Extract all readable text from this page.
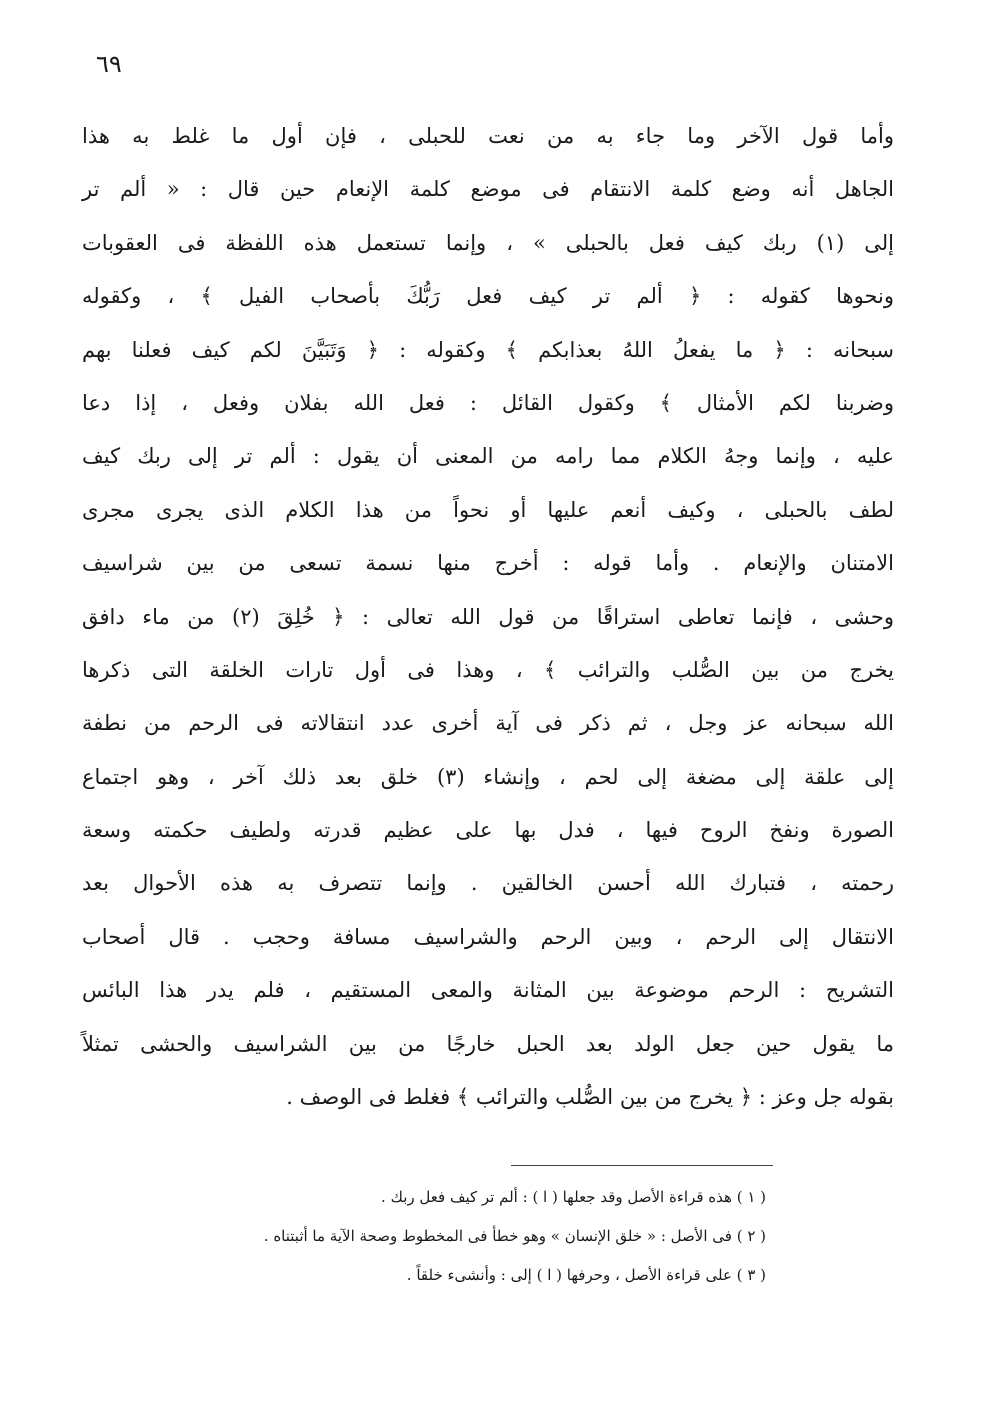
٦٩
وأما قول الآخر وما جاء به من نعت للحبلى ، فإن أول ما غلط به هذا
الجاهل أنه وضع كلمة الانتقام فى موضع كلمة الإنعام حين قال : « ألم تر
إلى (١) ربك كيف فعل بالحبلى » ، وإنما تستعمل هذه اللفظة فى العقوبات
ونحوها كقوله : ﴿ ألم تر كيف فعل رَبُّكَ بأصحاب الفيل ﴾ ، وكقوله
سبحانه : ﴿ ما يفعلُ اللهُ بعذابكم ﴾ وكقوله : ﴿ وَتَبَيَّنَ لكم كيف فعلنا بهم
وضربنا لكم الأمثال ﴾ وكقول القائل : فعل الله بفلان وفعل ، إذا دعا
عليه ، وإنما وجهُ الكلام مما رامه من المعنى أن يقول : ألم تر إلى ربك كيف
لطف بالحبلى ، وكيف أنعم عليها أو نحواً من هذا الكلام الذى يجرى مجرى
الامتنان والإنعام . وأما قوله : أخرج منها نسمة تسعى من بين شراسيف
وحشى ، فإنما تعاطى استراقًا من قول الله تعالى : ﴿ خُلِقَ (٢) من ماء دافق
يخرج من بين الصُّلب والترائب ﴾ ، وهذا فى أول تارات الخلقة التى ذكرها
الله سبحانه عز وجل ، ثم ذكر فى آية أخرى عدد انتقالاته فى الرحم من نطفة
إلى علقة إلى مضغة إلى لحم ، وإنشاء (٣) خلق بعد ذلك آخر ، وهو اجتماع
الصورة ونفخ الروح فيها ، فدل بها على عظيم قدرته ولطيف حكمته وسعة
رحمته ، فتبارك الله أحسن الخالقين . وإنما تتصرف به هذه الأحوال بعد
الانتقال إلى الرحم ، وبين الرحم والشراسيف مسافة وحجب . قال أصحاب
التشريح : الرحم موضوعة بين المثانة والمعى المستقيم ، فلم يدر هذا البائس
ما يقول حين جعل الولد بعد الحبل خارجًا من بين الشراسيف والحشى تمثلاً
بقوله جل وعز : ﴿ يخرج من بين الصُّلب والترائب ﴾ فغلط فى الوصف .
( ١ ) هذه قراءة الأصل وقد جعلها ( ا ) : ألم تر كيف فعل ربك .
( ٢ ) فى الأصل : « خلق الإنسان » وهو خطأ فى المخطوط وصحة الآية ما أثبتناه .
( ٣ ) على قراءة الأصل ، وحرفها ( ا ) إلى : وأنشىء خلقاً .
